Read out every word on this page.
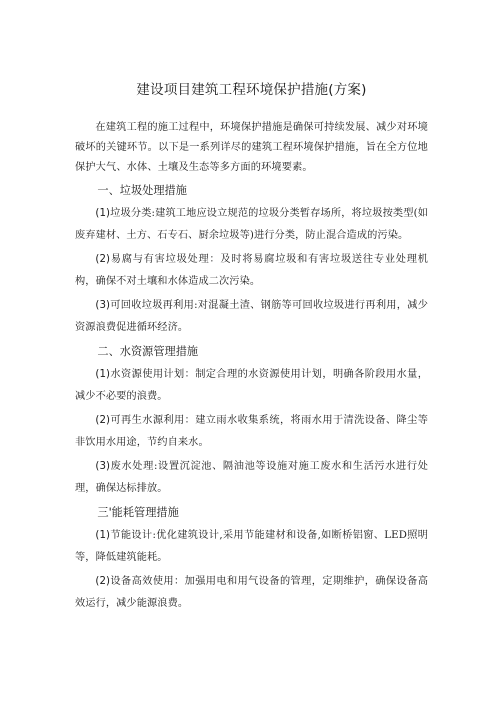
建设项目建筑工程环境保护措施(方案)

在建筑工程的施工过程中，环境保护措施是确保可持续发展、减少对环境破坏的关键环节。以下是一系列详尽的建筑工程环境保护措施，旨在全方位地保护大气、水体、土壤及生态等多方面的环境要素。

一、垃圾处理措施

(1)垃圾分类:建筑工地应设立规范的垃圾分类暂存场所，将垃圾按类型(如废弃建材、土方、石专石、厨余垃圾等)进行分类，防止混合造成的污染。

(2)易腐与有害垃圾处理：及时将易腐垃圾和有害垃圾送往专业处理机构，确保不对土壤和水体造成二次污染。

(3)可回收垃圾再利用:对混凝土渣、钢筋等可回收垃圾进行再利用，减少资源浪费促进循环经济。

二、水资源管理措施

(1)水资源使用计划：制定合理的水资源使用计划，明确各阶段用水量，减少不必要的浪费。

(2)可再生水源利用：建立雨水收集系统，将雨水用于清洗设备、降尘等非饮用水用途，节约自来水。

(3)废水处理:设置沉淀池、隔油池等设施对施工废水和生活污水进行处理，确保达标排放。

三'能耗管理措施

(1)节能设计:优化建筑设计,采用节能建材和设备,如断桥铝窗、LED照明等，降低建筑能耗。

(2)设备高效使用：加强用电和用气设备的管理，定期维护，确保设备高效运行，减少能源浪费。
